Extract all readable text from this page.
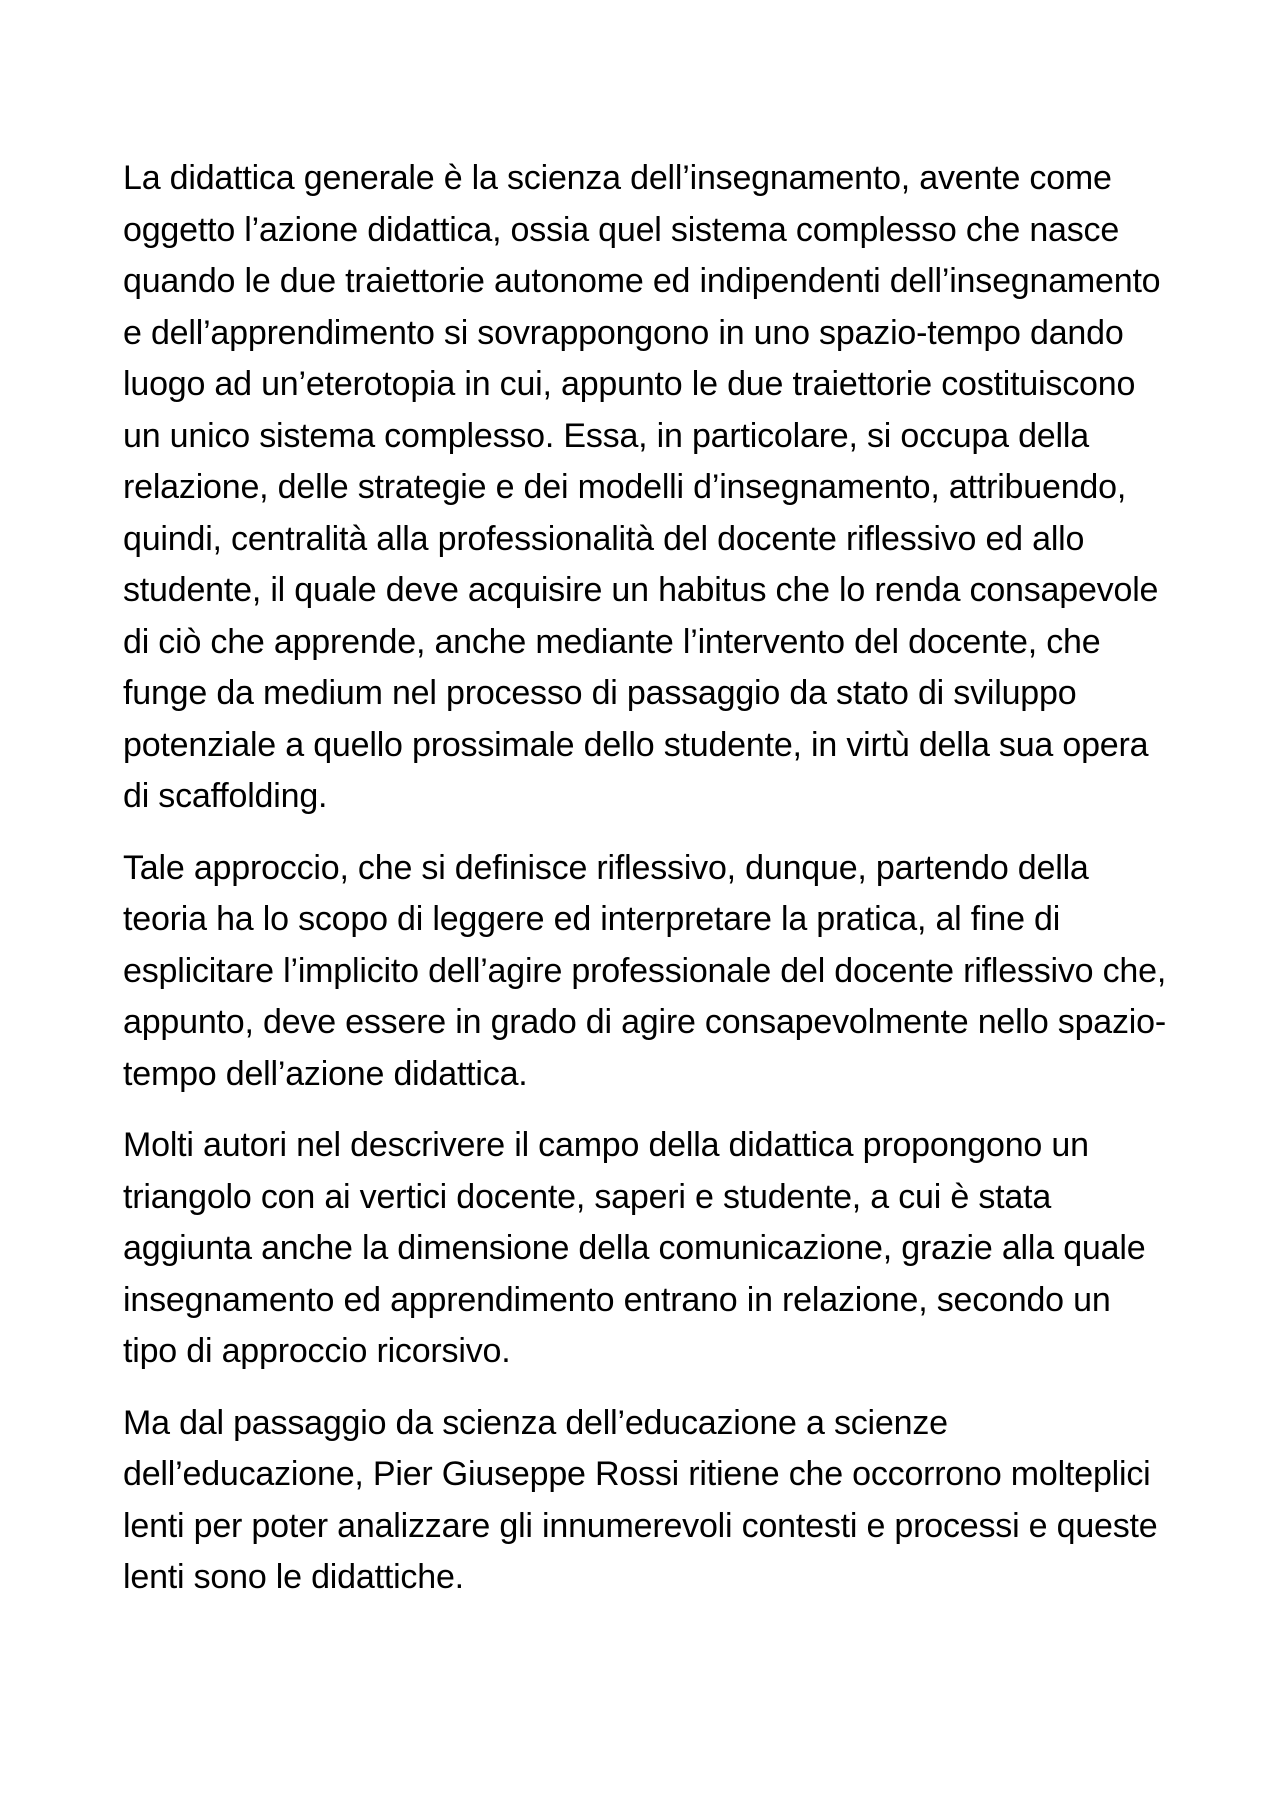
La didattica generale è la scienza dell’insegnamento, avente come oggetto l’azione didattica, ossia quel sistema complesso che nasce quando le due traiettorie autonome ed indipendenti dell’insegnamento e dell’apprendimento si sovrappongono in uno spazio-tempo dando luogo ad un’eterotopia in cui, appunto le due traiettorie costituiscono un unico sistema complesso. Essa, in particolare, si occupa della relazione, delle strategie e dei modelli d’insegnamento, attribuendo, quindi, centralità alla professionalità del docente riflessivo ed allo studente, il quale deve acquisire un habitus che lo renda consapevole di ciò che apprende, anche mediante l’intervento del docente, che funge da medium nel processo di passaggio da stato di sviluppo potenziale a quello prossimale dello studente, in virtù della sua opera di scaffolding.

Tale approccio, che si definisce riflessivo, dunque, partendo della teoria ha lo scopo di leggere ed interpretare la pratica, al fine di esplicitare l’implicito dell’agire professionale del docente riflessivo che, appunto, deve essere in grado di agire consapevolmente nello spazio-tempo dell’azione didattica.

Molti autori nel descrivere il campo della didattica propongono un triangolo con ai vertici docente, saperi e studente, a cui è stata aggiunta anche la dimensione della comunicazione, grazie alla quale insegnamento ed apprendimento entrano in relazione, secondo un tipo di approccio ricorsivo.

Ma dal passaggio da scienza dell’educazione a scienze dell’educazione, Pier Giuseppe Rossi ritiene che occorrono molteplici lenti per poter analizzare gli innumerevoli contesti e processi e queste lenti sono le didattiche.
